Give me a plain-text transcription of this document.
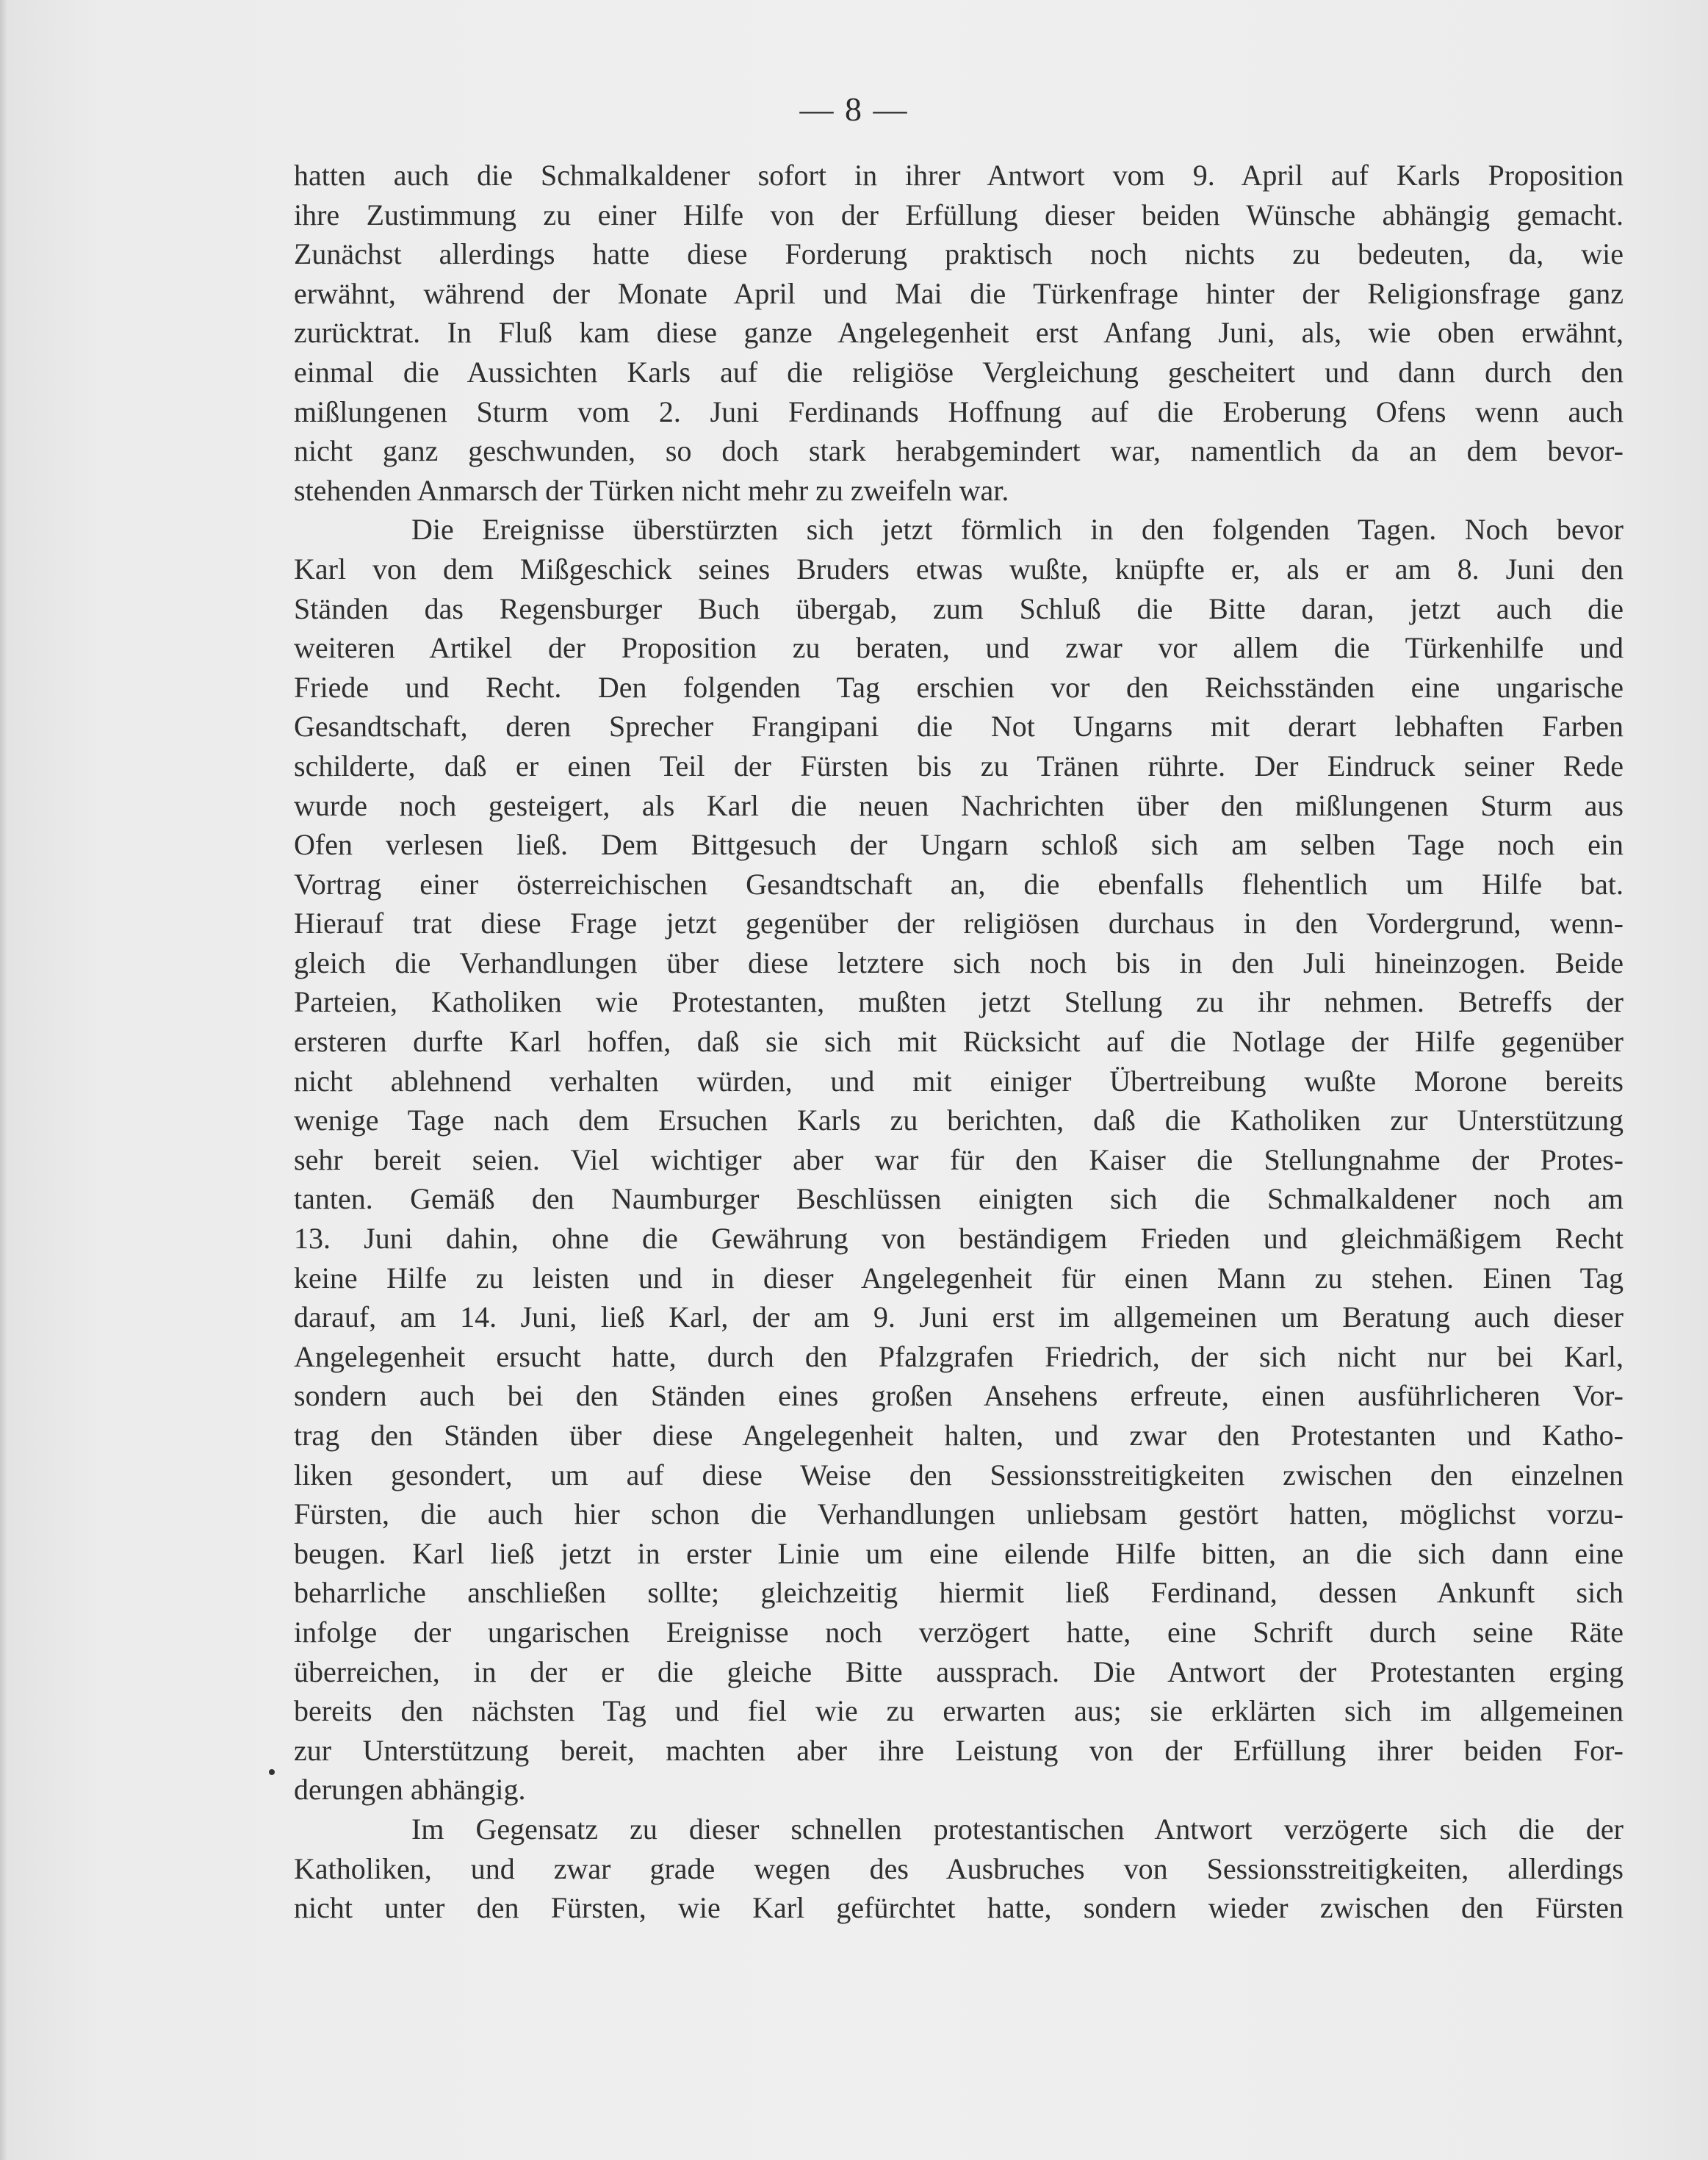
— 8 —
hatten auch die Schmalkaldener sofort in ihrer Antwort vom 9. April auf Karls Proposition
ihre Zustimmung zu einer Hilfe von der Erfüllung dieser beiden Wünsche abhängig gemacht.
Zunächst allerdings hatte diese Forderung praktisch noch nichts zu bedeuten, da, wie
erwähnt, während der Monate April und Mai die Türkenfrage hinter der Religionsfrage ganz
zurücktrat. In Fluß kam diese ganze Angelegenheit erst Anfang Juni, als, wie oben erwähnt,
einmal die Aussichten Karls auf die religiöse Vergleichung gescheitert und dann durch den
mißlungenen Sturm vom 2. Juni Ferdinands Hoffnung auf die Eroberung Ofens wenn auch
nicht ganz geschwunden, so doch stark herabgemindert war, namentlich da an dem bevor-
stehenden Anmarsch der Türken nicht mehr zu zweifeln war.
Die Ereignisse überstürzten sich jetzt förmlich in den folgenden Tagen. Noch bevor
Karl von dem Mißgeschick seines Bruders etwas wußte, knüpfte er, als er am 8. Juni den
Ständen das Regensburger Buch übergab, zum Schluß die Bitte daran, jetzt auch die
weiteren Artikel der Proposition zu beraten, und zwar vor allem die Türkenhilfe und
Friede und Recht. Den folgenden Tag erschien vor den Reichsständen eine ungarische
Gesandtschaft, deren Sprecher Frangipani die Not Ungarns mit derart lebhaften Farben
schilderte, daß er einen Teil der Fürsten bis zu Tränen rührte. Der Eindruck seiner Rede
wurde noch gesteigert, als Karl die neuen Nachrichten über den mißlungenen Sturm aus
Ofen verlesen ließ. Dem Bittgesuch der Ungarn schloß sich am selben Tage noch ein
Vortrag einer österreichischen Gesandtschaft an, die ebenfalls flehentlich um Hilfe bat.
Hierauf trat diese Frage jetzt gegenüber der religiösen durchaus in den Vordergrund, wenn-
gleich die Verhandlungen über diese letztere sich noch bis in den Juli hineinzogen. Beide
Parteien, Katholiken wie Protestanten, mußten jetzt Stellung zu ihr nehmen. Betreffs der
ersteren durfte Karl hoffen, daß sie sich mit Rücksicht auf die Notlage der Hilfe gegenüber
nicht ablehnend verhalten würden, und mit einiger Übertreibung wußte Morone bereits
wenige Tage nach dem Ersuchen Karls zu berichten, daß die Katholiken zur Unterstützung
sehr bereit seien. Viel wichtiger aber war für den Kaiser die Stellungnahme der Protes-
tanten. Gemäß den Naumburger Beschlüssen einigten sich die Schmalkaldener noch am
13. Juni dahin, ohne die Gewährung von beständigem Frieden und gleichmäßigem Recht
keine Hilfe zu leisten und in dieser Angelegenheit für einen Mann zu stehen. Einen Tag
darauf, am 14. Juni, ließ Karl, der am 9. Juni erst im allgemeinen um Beratung auch dieser
Angelegenheit ersucht hatte, durch den Pfalzgrafen Friedrich, der sich nicht nur bei Karl,
sondern auch bei den Ständen eines großen Ansehens erfreute, einen ausführlicheren Vor-
trag den Ständen über diese Angelegenheit halten, und zwar den Protestanten und Katho-
liken gesondert, um auf diese Weise den Sessionsstreitigkeiten zwischen den einzelnen
Fürsten, die auch hier schon die Verhandlungen unliebsam gestört hatten, möglichst vorzu-
beugen. Karl ließ jetzt in erster Linie um eine eilende Hilfe bitten, an die sich dann eine
beharrliche anschließen sollte; gleichzeitig hiermit ließ Ferdinand, dessen Ankunft sich
infolge der ungarischen Ereignisse noch verzögert hatte, eine Schrift durch seine Räte
überreichen, in der er die gleiche Bitte aussprach. Die Antwort der Protestanten erging
bereits den nächsten Tag und fiel wie zu erwarten aus; sie erklärten sich im allgemeinen
zur Unterstützung bereit, machten aber ihre Leistung von der Erfüllung ihrer beiden For-
derungen abhängig.
Im Gegensatz zu dieser schnellen protestantischen Antwort verzögerte sich die der
Katholiken, und zwar grade wegen des Ausbruches von Sessionsstreitigkeiten, allerdings
nicht unter den Fürsten, wie Karl gefürchtet hatte, sondern wieder zwischen den Fürsten
